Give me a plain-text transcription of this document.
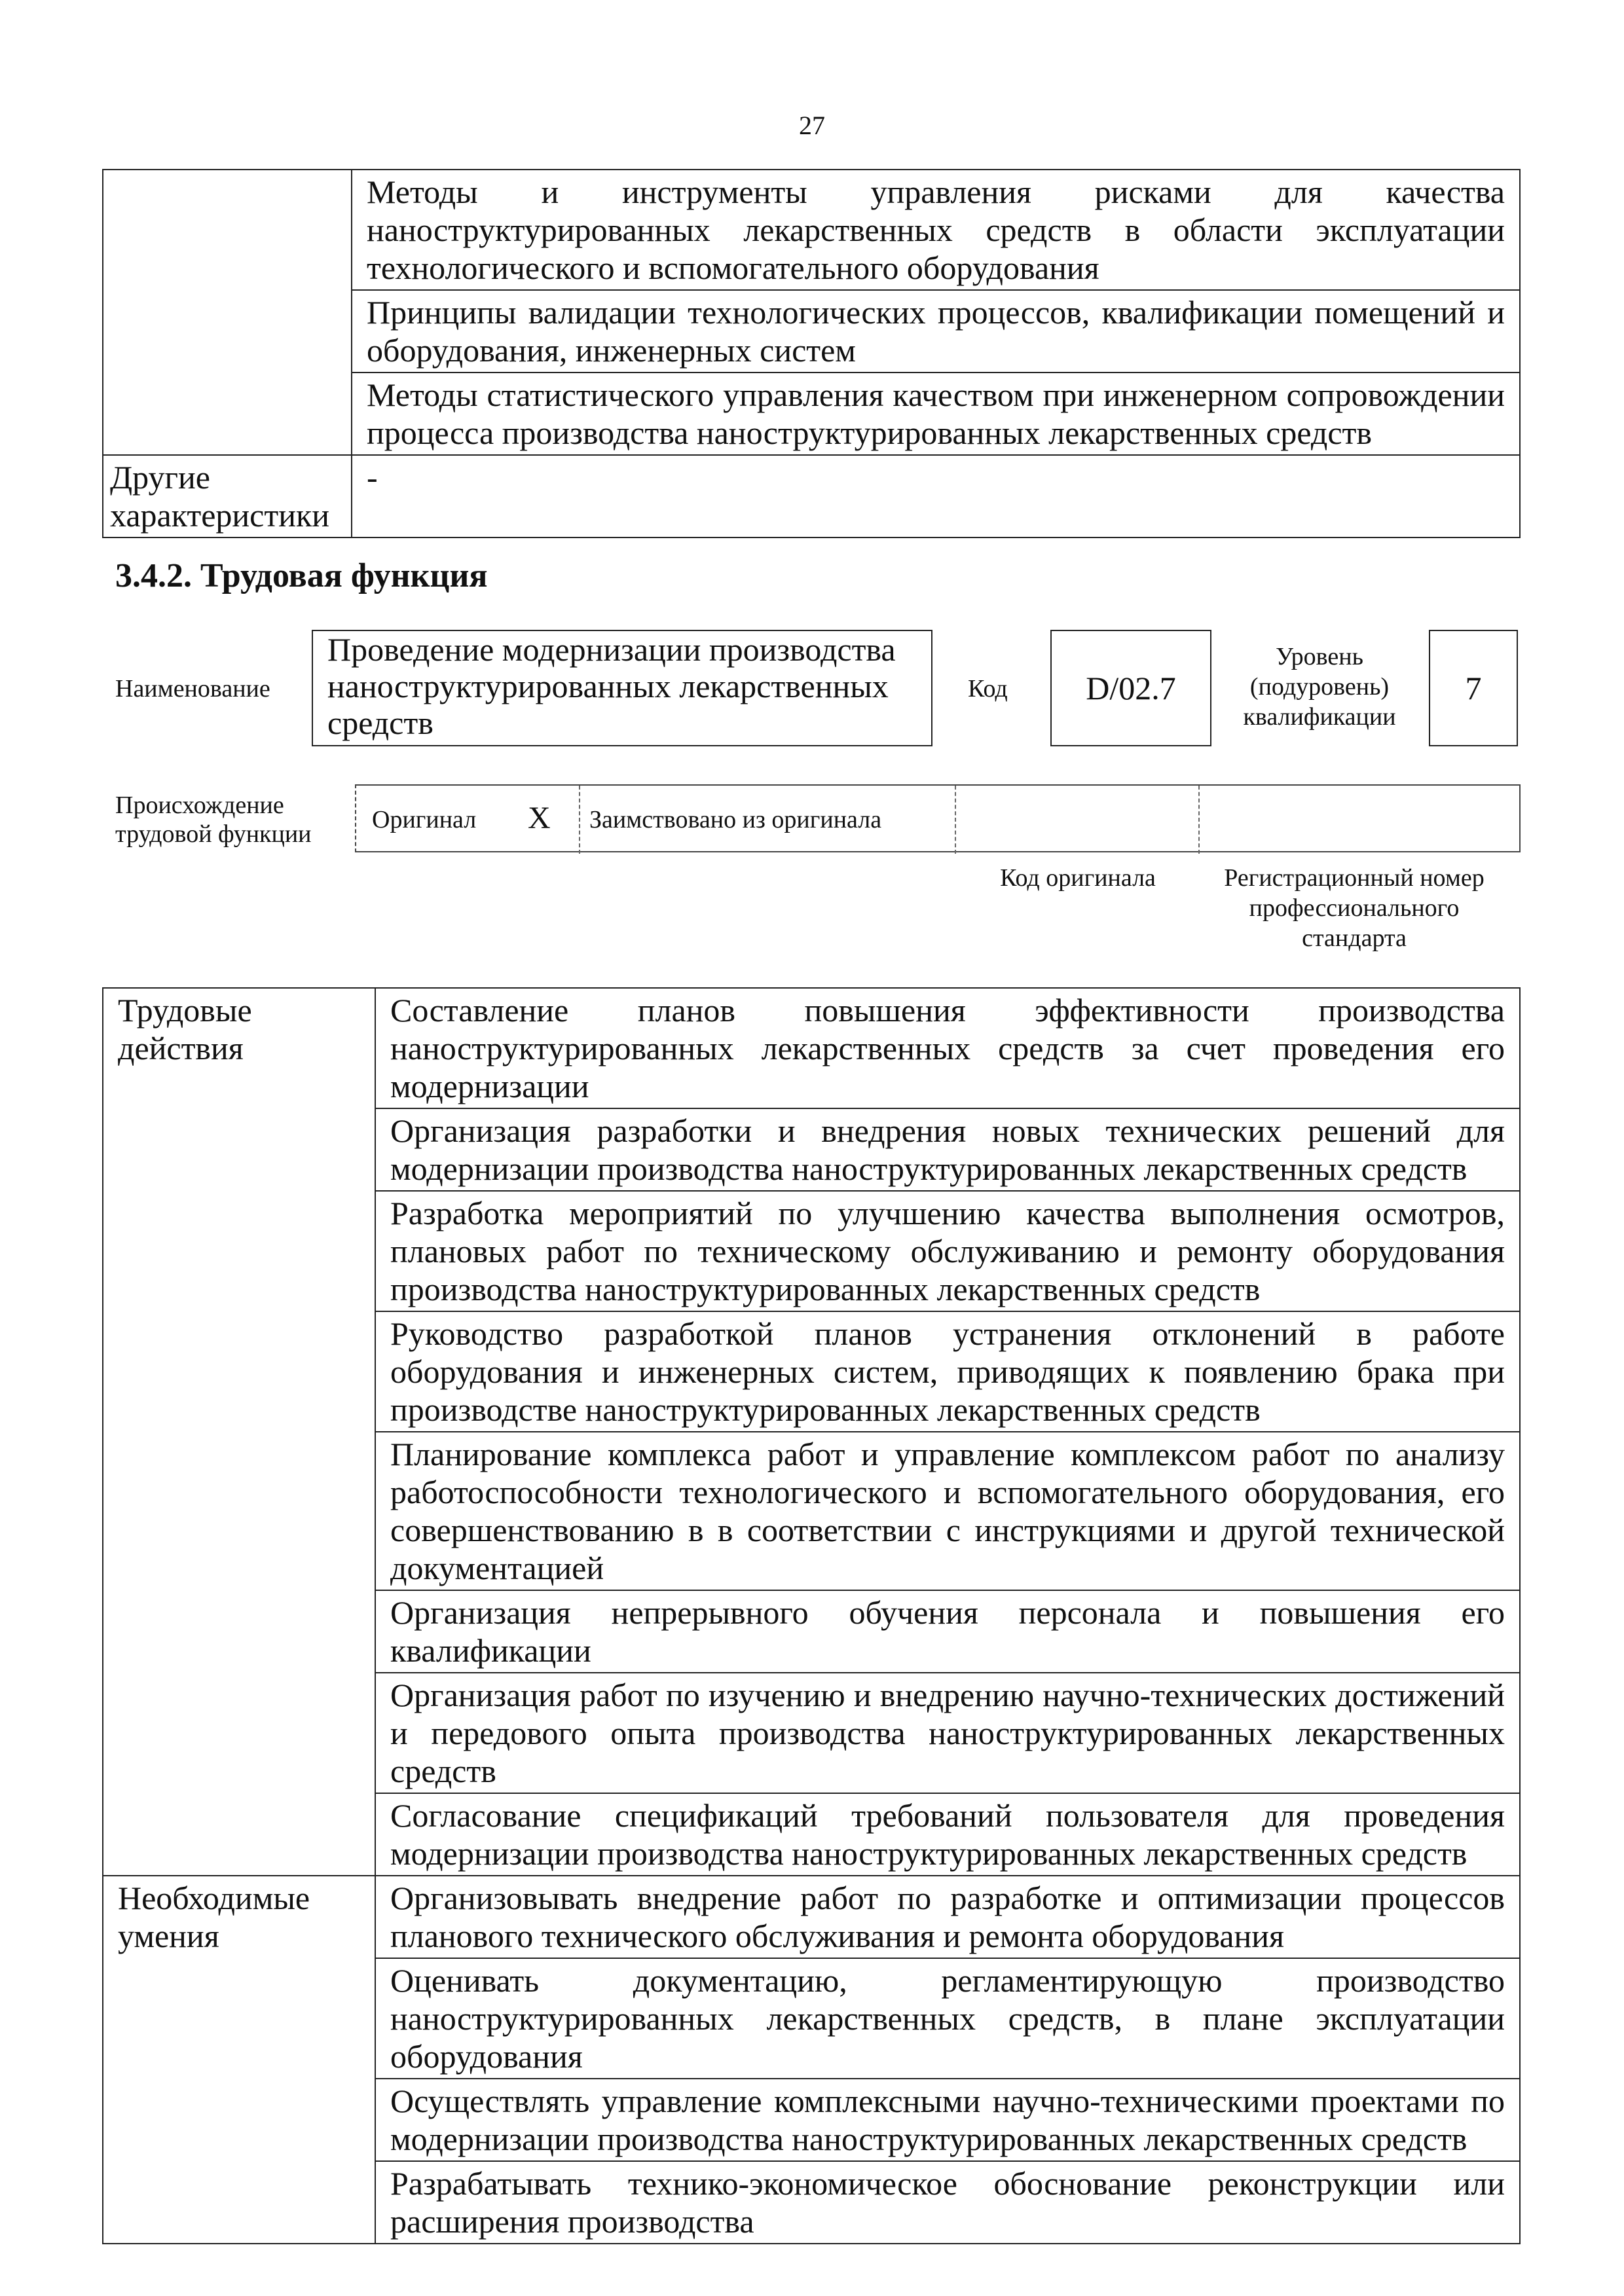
27
	Методы и инструменты управления рисками для качества наноструктурированных лекарственных средств в области эксплуатации технологического и вспомогательного оборудования
	Принципы валидации технологических процессов, квалификации помещений и оборудования, инженерных систем
	Методы статистического управления качеством при инженерном сопровождении процесса производства наноструктурированных лекарственных средств
Другие характеристики	-
3.4.2. Трудовая функция
Наименование
Проведение модернизации производства наноструктурированных лекарственных средств
Код	D/02.7
Уровень (подуровень) квалификации
7
Происхождение трудовой функции
Оригинал X Заимствовано из оригинала
Код оригинала	Регистрационный номер профессионального стандарта
Трудовые действия	Составление планов повышения эффективности производства наноструктурированных лекарственных средств за счет проведения его модернизации
	Организация разработки и внедрения новых технических решений для модернизации производства наноструктурированных лекарственных средств
	Разработка мероприятий по улучшению качества выполнения осмотров, плановых работ по техническому обслуживанию и ремонту оборудования производства наноструктурированных лекарственных средств
	Руководство разработкой планов устранения отклонений в работе оборудования и инженерных систем, приводящих к появлению брака при производстве наноструктурированных лекарственных средств
	Планирование комплекса работ и управление комплексом работ по анализу работоспособности технологического и вспомогательного оборудования, его совершенствованию в в соответствии с инструкциями и другой технической документацией
	Организация непрерывного обучения персонала и повышения его квалификации
	Организация работ по изучению и внедрению научно-технических достижений и передового опыта производства наноструктурированных лекарственных средств
	Согласование спецификаций требований пользователя для проведения модернизации производства наноструктурированных лекарственных средств
Необходимые умения	Организовывать внедрение работ по разработке и оптимизации процессов планового технического обслуживания и ремонта оборудования
	Оценивать документацию, регламентирующую производство наноструктурированных лекарственных средств, в плане эксплуатации оборудования
	Осуществлять управление комплексными научно-техническими проектами по модернизации производства наноструктурированных лекарственных средств
	Разрабатывать технико-экономическое обоснование реконструкции или расширения производства
